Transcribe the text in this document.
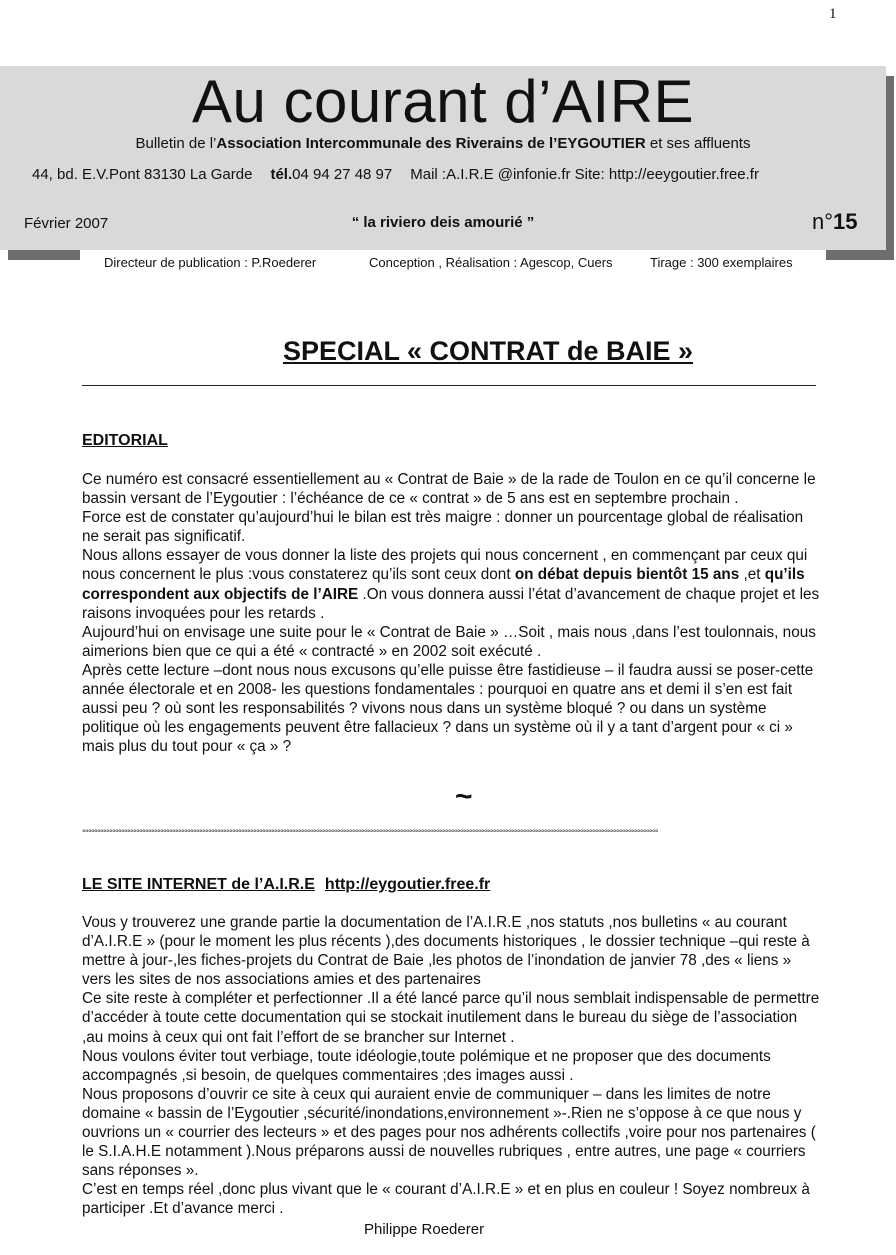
1
Au courant d’AIRE
Bulletin de l’Association Intercommunale des Riverains de l’EYGOUTIER et ses affluents
44, bd. E.V.Pont 83130 La Garde tél.04 94 27 48 97 Mail :A.I.R.E @infonie.fr Site: http://eeygoutier.free.fr
Février 2007	“ la riviero deis amourié ”	n°15
Directeur de publication : P.Roederer	Conception , Réalisation : Agescop, Cuers	Tirage : 300 exemplaires
SPECIAL « CONTRAT de BAIE »
EDITORIAL

Ce numéro est consacré essentiellement au « Contrat de Baie » de la rade de Toulon en ce qu’il concerne le bassin versant de l’Eygoutier : l’échéance de ce « contrat » de 5 ans est en septembre prochain .

Force est de constater qu’aujourd’hui le bilan est très maigre : donner un pourcentage global de réalisation ne serait pas significatif.

Nous allons essayer de vous donner la liste des projets qui nous concernent , en commençant par ceux qui nous concernent le plus :vous constaterez qu’ils sont ceux dont on débat depuis bientôt 15 ans ,et qu’ils correspondent aux objectifs de l’AIRE .On vous donnera aussi l’état d’avancement de chaque projet et les raisons invoquées pour les retards .

Aujourd’hui on envisage une suite pour le « Contrat de Baie » …Soit , mais nous ,dans l’est toulonnais, nous aimerions bien que ce qui a été « contracté » en 2002 soit exécuté .

Après cette lecture –dont nous nous excusons qu’elle puisse être fastidieuse – il faudra aussi se poser-cette année électorale et en 2008- les questions fondamentales : pourquoi en quatre ans et demi il s’en est fait aussi peu ? où sont les responsabilités ? vivons nous dans un système bloqué ? ou dans un système politique où les engagements peuvent être fallacieux ? dans un système où il y a tant d’argent pour « ci » mais plus du tout pour « ça » ?

~
°°°°°°°°°°°°°°°°°°°°°°°°°°°°°°°°°°°°°°°°°°°°°°°°°°°°°°°°°°°°°°°°°°°°°°°°°°°°°°°°°°°°°°°°°°°°°°°°°°°°°°°°°°°°°°°°°°°°°°°°°°°°°°°°°°°°°°°°°°°°°°°°°°°°°°°°°°°°°°°°°°°°°°°°°°°°°°°°°°°°°°°°°°°°°°°°
LE SITE INTERNET de l’A.I.R.E http://eygoutier.free.fr

Vous y trouverez une grande partie la documentation de l’A.I.R.E ,nos statuts ,nos bulletins « au courant d’A.I.R.E » (pour le moment les plus récents ),des documents historiques , le dossier technique –qui reste à mettre à jour-,les fiches-projets du Contrat de Baie ,les photos de l’inondation de janvier 78 ,des « liens » vers les sites de nos associations amies et des partenaires

Ce site reste à compléter et perfectionner .Il a été lancé parce qu’il nous semblait indispensable de permettre d’accéder à toute cette documentation qui se stockait inutilement dans le bureau du siège de l’association ,au moins à ceux qui ont fait l’effort de se brancher sur Internet .

Nous voulons éviter tout verbiage, toute idéologie,toute polémique et ne proposer que des documents accompagnés ,si besoin, de quelques commentaires ;des images aussi .

Nous proposons d’ouvrir ce site à ceux qui auraient envie de communiquer – dans les limites de notre domaine « bassin de l’Eygoutier ,sécurité/inondations,environnement »-.Rien ne s’oppose à ce que nous y ouvrions un « courrier des lecteurs » et des pages pour nos adhérents collectifs ,voire pour nos partenaires ( le S.I.A.H.E notamment ).Nous préparons aussi de nouvelles rubriques , entre autres, une page « courriers sans réponses ».

C’est en temps réel ,donc plus vivant que le « courant d’A.I.R.E » et en plus en couleur ! Soyez nombreux à participer .Et d’avance merci .

Philippe Roederer
